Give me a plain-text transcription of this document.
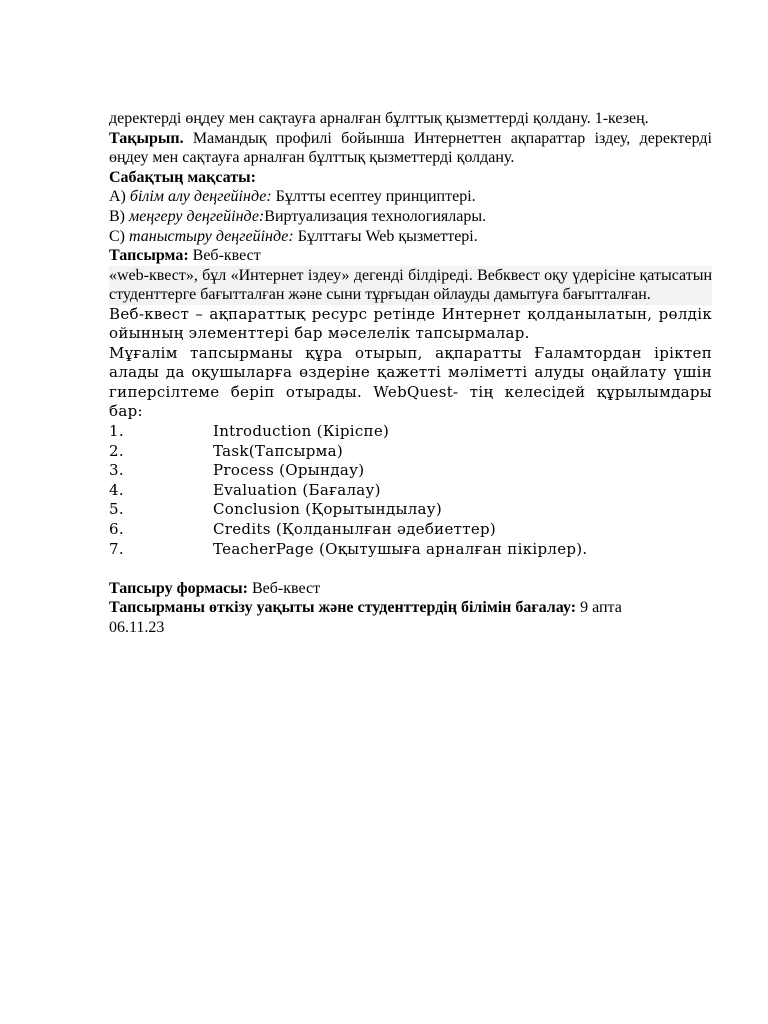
деректерді өңдеу мен сақтауға арналған бұлттық қызметтерді қолдану. 1-кезең.

Тақырып. Мамандық профилі бойынша Интернеттен ақпараттар іздеу, деректерді өңдеу мен сақтауға арналған бұлттық қызметтерді қолдану.

Сабақтың мақсаты:

A) білім алу деңгейінде: Бұлтты есептеу принциптері.

B) меңгеру деңгейінде:Виртуализация технологиялары.

C) таныстыру деңгейінде: Бұлттағы Web қызметтері.

Тапсырма: Веб-квест

«web-квест», бұл «Интернет іздеу» дегенді білдіреді. Вебквест оқу үдерісіне қатысатын студенттерге бағытталған және сыни тұрғыдан ойлауды дамытуға бағытталған.

Веб-квест – ақпараттық ресурс ретінде Интернет қолданылатын, рөлдік ойынның элементтері бар мәселелік тапсырмалар.

Мұғалім тапсырманы құра отырып, ақпаратты Ғаламтордан іріктеп алады да оқушыларға өздеріне қажетті мәліметті алуды оңайлату үшін гиперсілтеме беріп отырады. WebQuest- тің келесідей құрылымдары бар:

1.	Introduction (Кіріспе)
2.	Task(Тапсырма)
3.	Process (Орындау)
4.	Evaluation (Бағалау)
5.	Conclusion (Қорытындылау)
6.	Credits (Қолданылған әдебиеттер)
7.	TeacherPage (Оқытушыға арналған пікірлер).

Тапсыру формасы: Веб-квест

Тапсырманы өткізу уақыты және студенттердің білімін бағалау: 9 апта

06.11.23
